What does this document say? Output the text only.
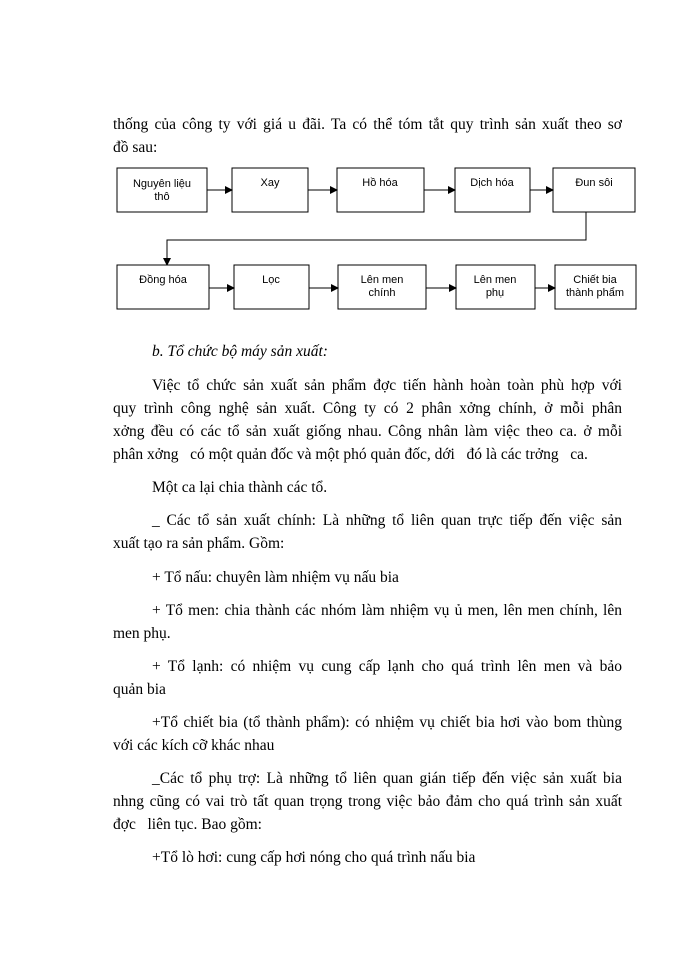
thống của công ty với giá u đãi. Ta có thể tóm tắt quy trình sản xuất theo sơ
đồ sau:
Nguyên liệu
thô
Xay	Hồ hóa	Dịch hóa	Đun sôi
Đồng hóa	Lọc	Lên men
chính
Lên men
phụ
Chiết bia
thành phẩm
b. Tổ chức bộ máy sản xuất:
Việc tổ chức sản xuất sản phẩm đợc tiến hành hoàn toàn phù hợp với
quy trình công nghệ sản xuất. Công ty có 2 phân xởng chính, ở mỗi phân
xởng đều có các tổ sản xuất giống nhau. Công nhân làm việc theo ca. ở mỗi
phân xởng   có một quản đốc và một phó quản đốc, dới   đó là các trởng   ca.
Một ca lại chia thành các tổ.
_ Các tổ sản xuất chính: Là những tổ liên quan trực tiếp đến việc sản
xuất tạo ra sản phẩm. Gồm:
+ Tổ nấu: chuyên làm nhiệm vụ nấu bia
+ Tổ men: chia thành các nhóm làm nhiệm vụ ủ men, lên men chính, lên
men phụ.
+ Tổ lạnh: có nhiệm vụ cung cấp lạnh cho quá trình lên men và bảo
quản bia
+Tổ chiết bia (tổ thành phẩm): có nhiệm vụ chiết bia hơi vào bom thùng
với các kích cỡ khác nhau
_Các tổ phụ trợ: Là những tổ liên quan gián tiếp đến việc sản xuất bia
nhng cũng có vai trò tất quan trọng trong việc bảo đảm cho quá trình sản xuất
đợc   liên tục. Bao gồm:
+Tổ lò hơi: cung cấp hơi nóng cho quá trình nấu bia
